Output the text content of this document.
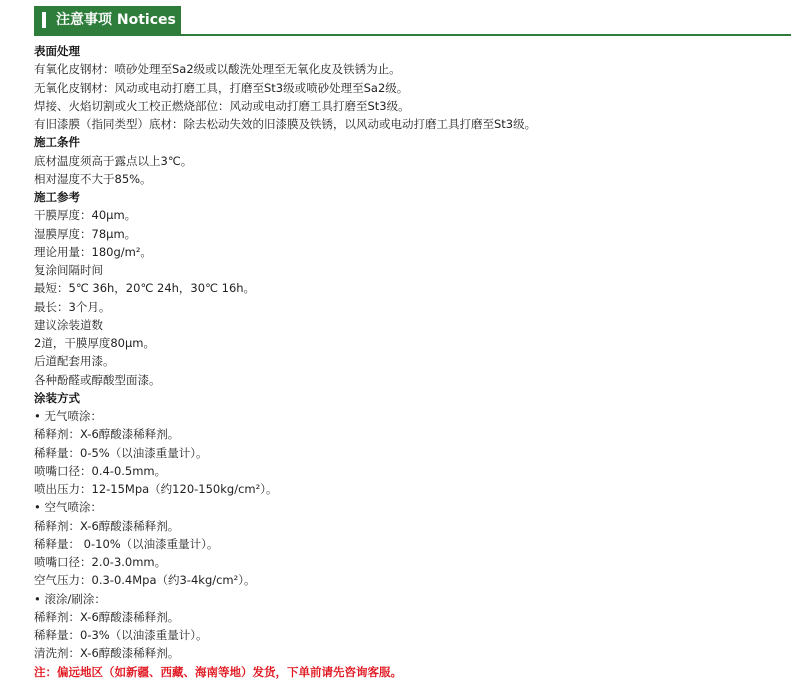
注意事项 Notices
表面处理
有氧化皮钢材：喷砂处理至Sa2级或以酸洗处理至无氧化皮及铁锈为止。
无氧化皮钢材：风动或电动打磨工具，打磨至St3级或喷砂处理至Sa2级。
焊接、火焰切割或火工校正燃烧部位：风动或电动打磨工具打磨至St3级。
有旧漆膜（指同类型）底材：除去松动失效的旧漆膜及铁锈，以风动或电动打磨工具打磨至St3级。
施工条件
底材温度须高于露点以上3℃。
相对湿度不大于85%。
施工参考
干膜厚度：40μm。
湿膜厚度：78μm。
理论用量：180g/m²。
复涂间隔时间
最短：5℃ 36h，20℃ 24h，30℃ 16h。
最长：3个月。
建议涂装道数
2道，干膜厚度80μm。
后道配套用漆。
各种酚醛或醇酸型面漆。
涂装方式
• 无气喷涂：
稀释剂：X-6醇酸漆稀释剂。
稀释量：0-5%（以油漆重量计）。
喷嘴口径：0.4-0.5mm。
喷出压力：12-15Mpa（约120-150kg/cm²）。
• 空气喷涂：
稀释剂：X-6醇酸漆稀释剂。
稀释量： 0-10%（以油漆重量计）。
喷嘴口径：2.0-3.0mm。
空气压力：0.3-0.4Mpa（约3-4kg/cm²）。
• 滚涂/刷涂：
稀释剂：X-6醇酸漆稀释剂。
稀释量：0-3%（以油漆重量计）。
清洗剂：X-6醇酸漆稀释剂。
注：偏远地区（如新疆、西藏、海南等地）发货，下单前请先咨询客服。
